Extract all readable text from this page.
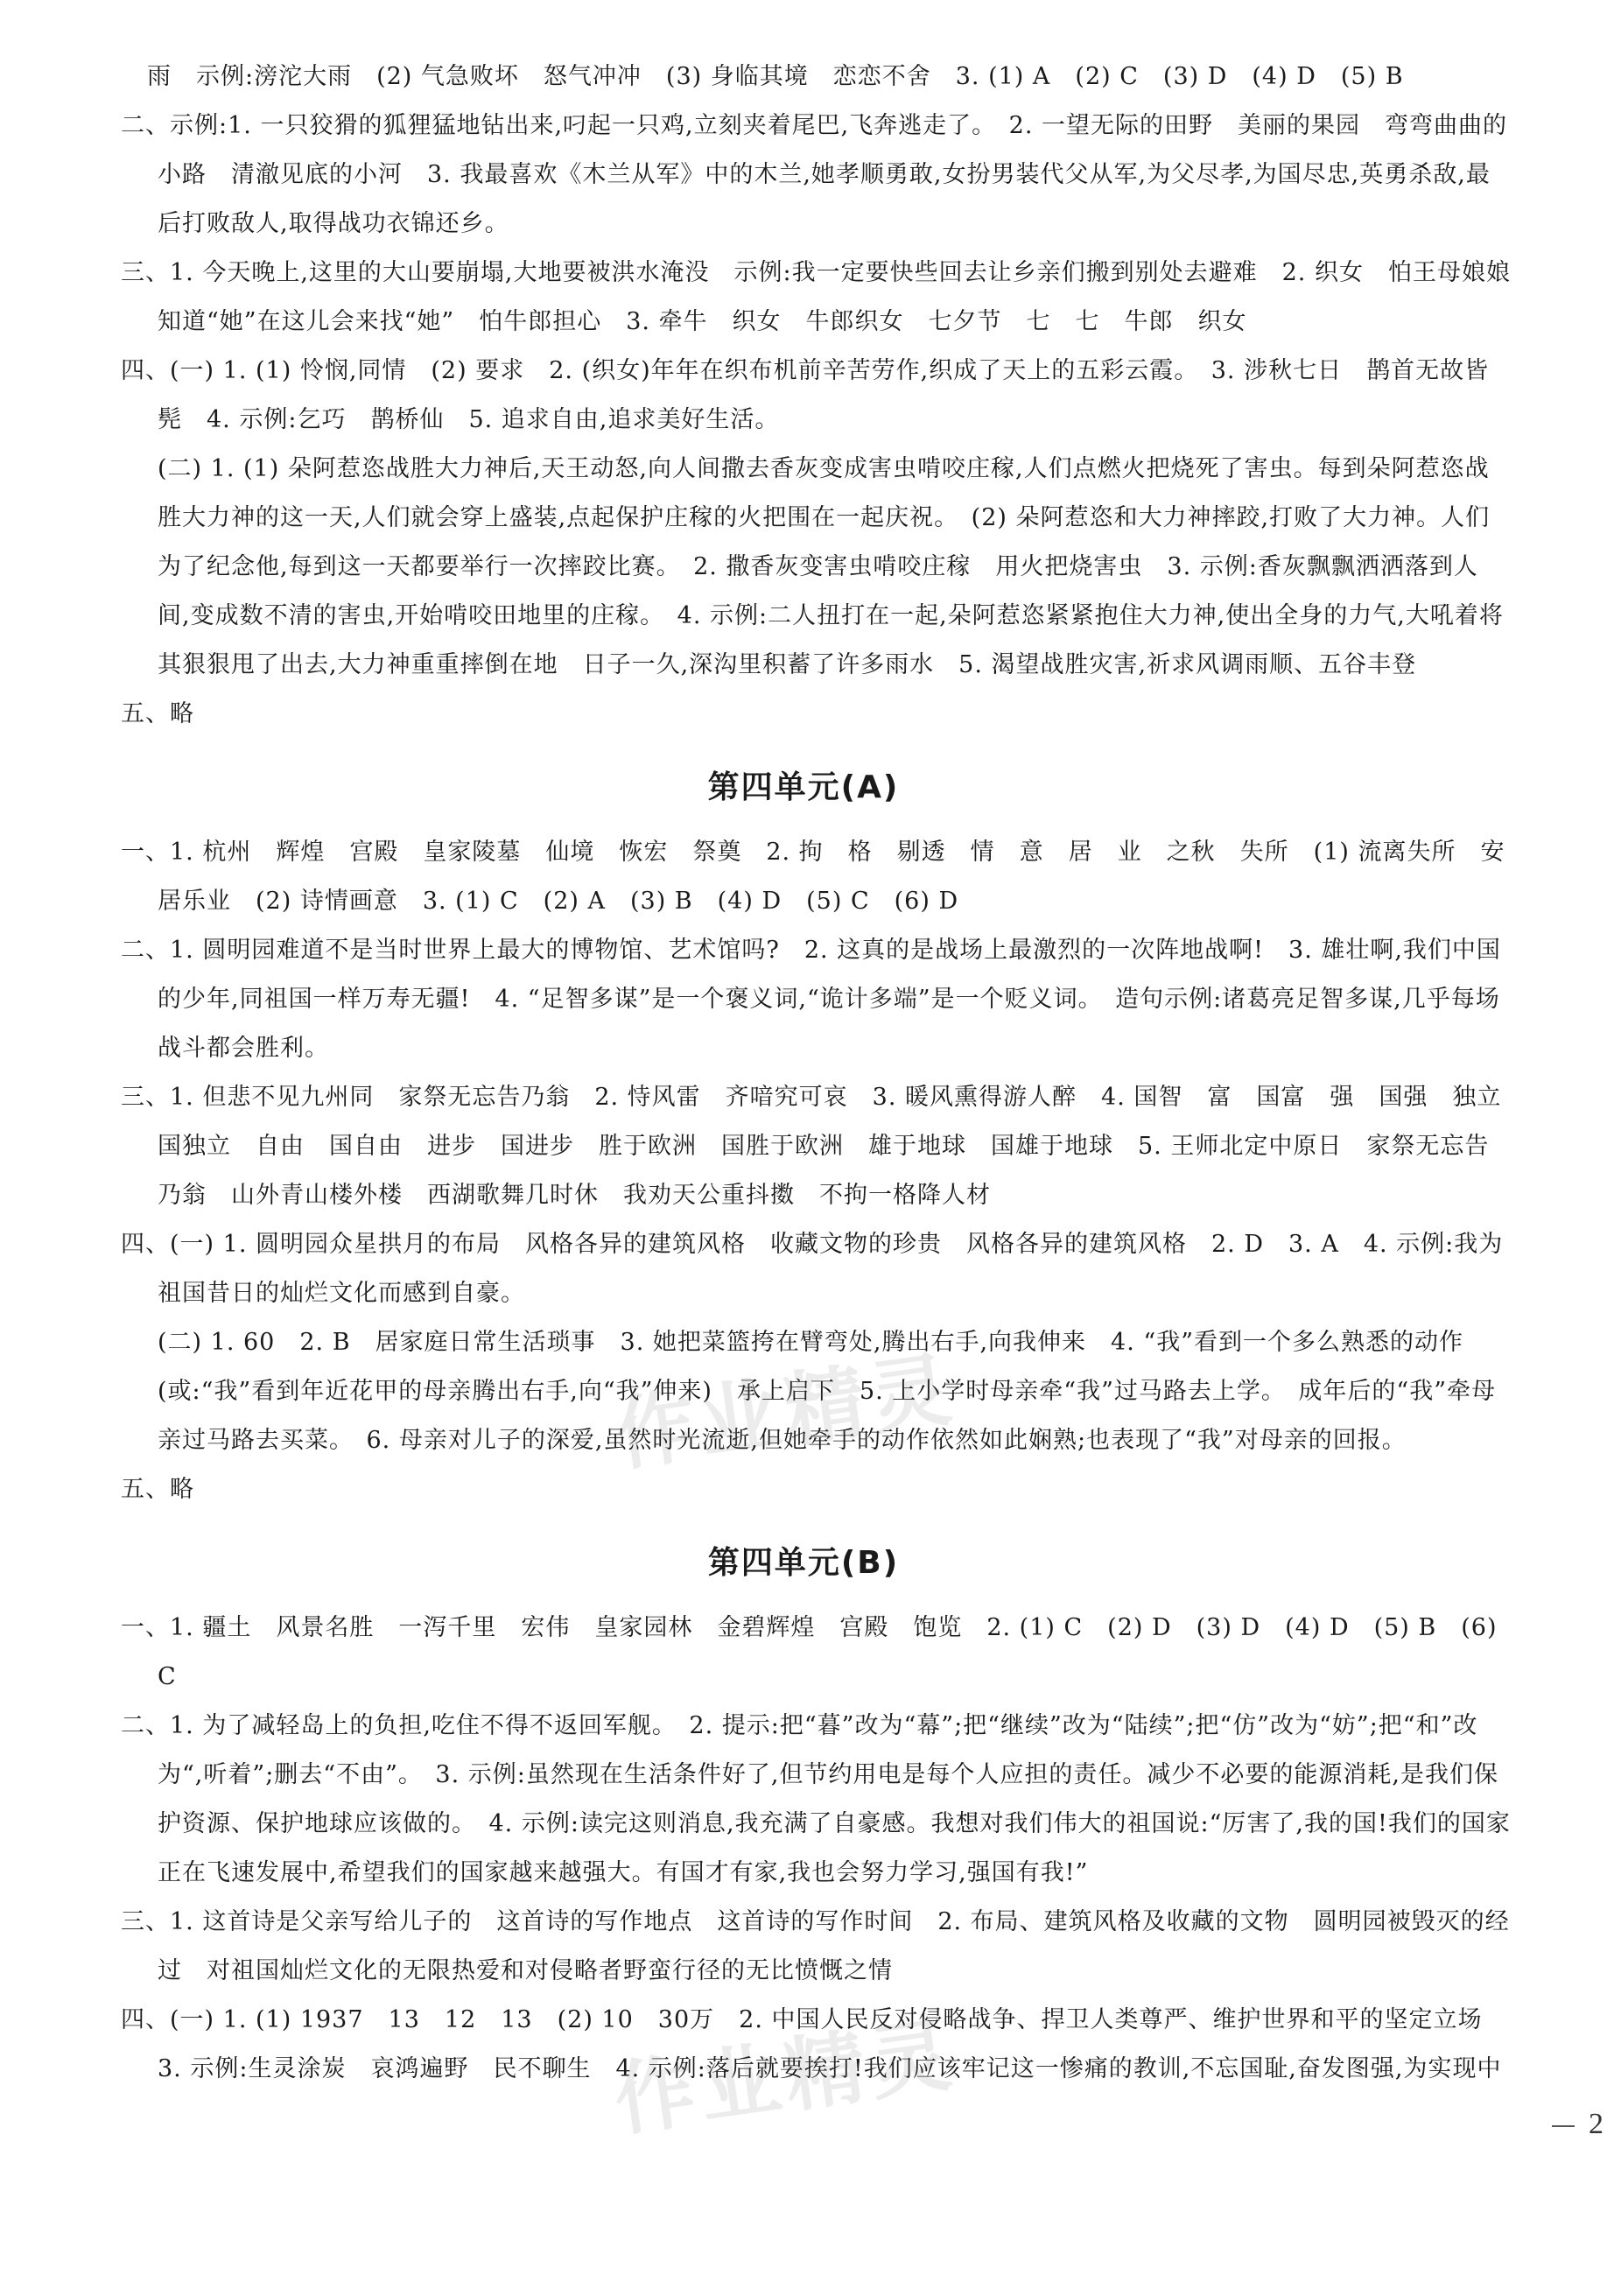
雨　示例:滂沱大雨　(2) 气急败坏　怒气冲冲　(3) 身临其境　恋恋不舍　3. (1) A　(2) C　(3) D　(4) D　(5) B

二、示例:1. 一只狡猾的狐狸猛地钻出来,叼起一只鸡,立刻夹着尾巴,飞奔逃走了。　2. 一望无际的田野　美丽的果园　弯弯曲曲的小路　清澈见底的小河　3. 我最喜欢《木兰从军》中的木兰,她孝顺勇敢,女扮男装代父从军,为父尽孝,为国尽忠,英勇杀敌,最后打败敌人,取得战功衣锦还乡。

三、1. 今天晚上,这里的大山要崩塌,大地要被洪水淹没　示例:我一定要快些回去让乡亲们搬到别处去避难　2. 织女　怕王母娘娘知道“她”在这儿会来找“她”　怕牛郎担心　3. 牵牛　织女　牛郎织女　七夕节　七　七　牛郎　织女

四、(一) 1. (1) 怜悯,同情　(2) 要求　2. (织女)年年在织布机前辛苦劳作,织成了天上的五彩云霞。　3. 涉秋七日　鹊首无故皆髡　4. 示例:乞巧　鹊桥仙　5. 追求自由,追求美好生活。

(二) 1. (1) 朵阿惹恣战胜大力神后,天王动怒,向人间撒去香灰变成害虫啃咬庄稼,人们点燃火把烧死了害虫。每到朵阿惹恣战胜大力神的这一天,人们就会穿上盛装,点起保护庄稼的火把围在一起庆祝。　(2) 朵阿惹恣和大力神摔跤,打败了大力神。人们为了纪念他,每到这一天都要举行一次摔跤比赛。　2. 撒香灰变害虫啃咬庄稼　用火把烧害虫　3. 示例:香灰飘飘洒洒落到人间,变成数不清的害虫,开始啃咬田地里的庄稼。　4. 示例:二人扭打在一起,朵阿惹恣紧紧抱住大力神,使出全身的力气,大吼着将其狠狠甩了出去,大力神重重摔倒在地　日子一久,深沟里积蓄了许多雨水　5. 渴望战胜灾害,祈求风调雨顺、五谷丰登

五、略

第四单元(A)

一、1. 杭州　辉煌　宫殿　皇家陵墓　仙境　恢宏　祭奠　2. 拘　格　剔透　情　意　居　业　之秋　失所　(1) 流离失所　安居乐业　(2) 诗情画意　3. (1) C　(2) A　(3) B　(4) D　(5) C　(6) D

二、1. 圆明园难道不是当时世界上最大的博物馆、艺术馆吗?　2. 这真的是战场上最激烈的一次阵地战啊!　3. 雄壮啊,我们中国的少年,同祖国一样万寿无疆!　4. “足智多谋”是一个褒义词,“诡计多端”是一个贬义词。　造句示例:诸葛亮足智多谋,几乎每场战斗都会胜利。

三、1. 但悲不见九州同　家祭无忘告乃翁　2. 恃风雷　齐喑究可哀　3. 暖风熏得游人醉　4. 国智　富　国富　强　国强　独立　国独立　自由　国自由　进步　国进步　胜于欧洲　国胜于欧洲　雄于地球　国雄于地球　5. 王师北定中原日　家祭无忘告乃翁　山外青山楼外楼　西湖歌舞几时休　我劝天公重抖擞　不拘一格降人材

四、(一) 1. 圆明园众星拱月的布局　风格各异的建筑风格　收藏文物的珍贵　风格各异的建筑风格　2. D　3. A　4. 示例:我为祖国昔日的灿烂文化而感到自豪。

(二) 1. 60　2. B　居家庭日常生活琐事　3. 她把菜篮挎在臂弯处,腾出右手,向我伸来　4. “我”看到一个多么熟悉的动作(或:“我”看到年近花甲的母亲腾出右手,向“我”伸来)　承上启下　5. 上小学时母亲牵“我”过马路去上学。　成年后的“我”牵母亲过马路去买菜。　6. 母亲对儿子的深爱,虽然时光流逝,但她牵手的动作依然如此娴熟;也表现了“我”对母亲的回报。

五、略

第四单元(B)

一、1. 疆土　风景名胜　一泻千里　宏伟　皇家园林　金碧辉煌　宫殿　饱览　2. (1) C　(2) D　(3) D　(4) D　(5) B　(6) C

二、1. 为了减轻岛上的负担,吃住不得不返回军舰。　2. 提示:把“暮”改为“幕”;把“继续”改为“陆续”;把“仿”改为“妨”;把“和”改为“,听着”;删去“不由”。　3. 示例:虽然现在生活条件好了,但节约用电是每个人应担的责任。减少不必要的能源消耗,是我们保护资源、保护地球应该做的。　4. 示例:读完这则消息,我充满了自豪感。我想对我们伟大的祖国说:“厉害了,我的国!我们的国家正在飞速发展中,希望我们的国家越来越强大。有国才有家,我也会努力学习,强国有我!”

三、1. 这首诗是父亲写给儿子的　这首诗的写作地点　这首诗的写作时间　2. 布局、建筑风格及收藏的文物　圆明园被毁灭的经过　对祖国灿烂文化的无限热爱和对侵略者野蛮行径的无比愤慨之情

四、(一) 1. (1) 1937　13　12　13　(2) 10　30万　2. 中国人民反对侵略战争、捍卫人类尊严、维护世界和平的坚定立场　3. 示例:生灵涂炭　哀鸿遍野　民不聊生　4. 示例:落后就要挨打!我们应该牢记这一惨痛的教训,不忘国耻,奋发图强,为实现中

作业精灵
作业精灵	2
